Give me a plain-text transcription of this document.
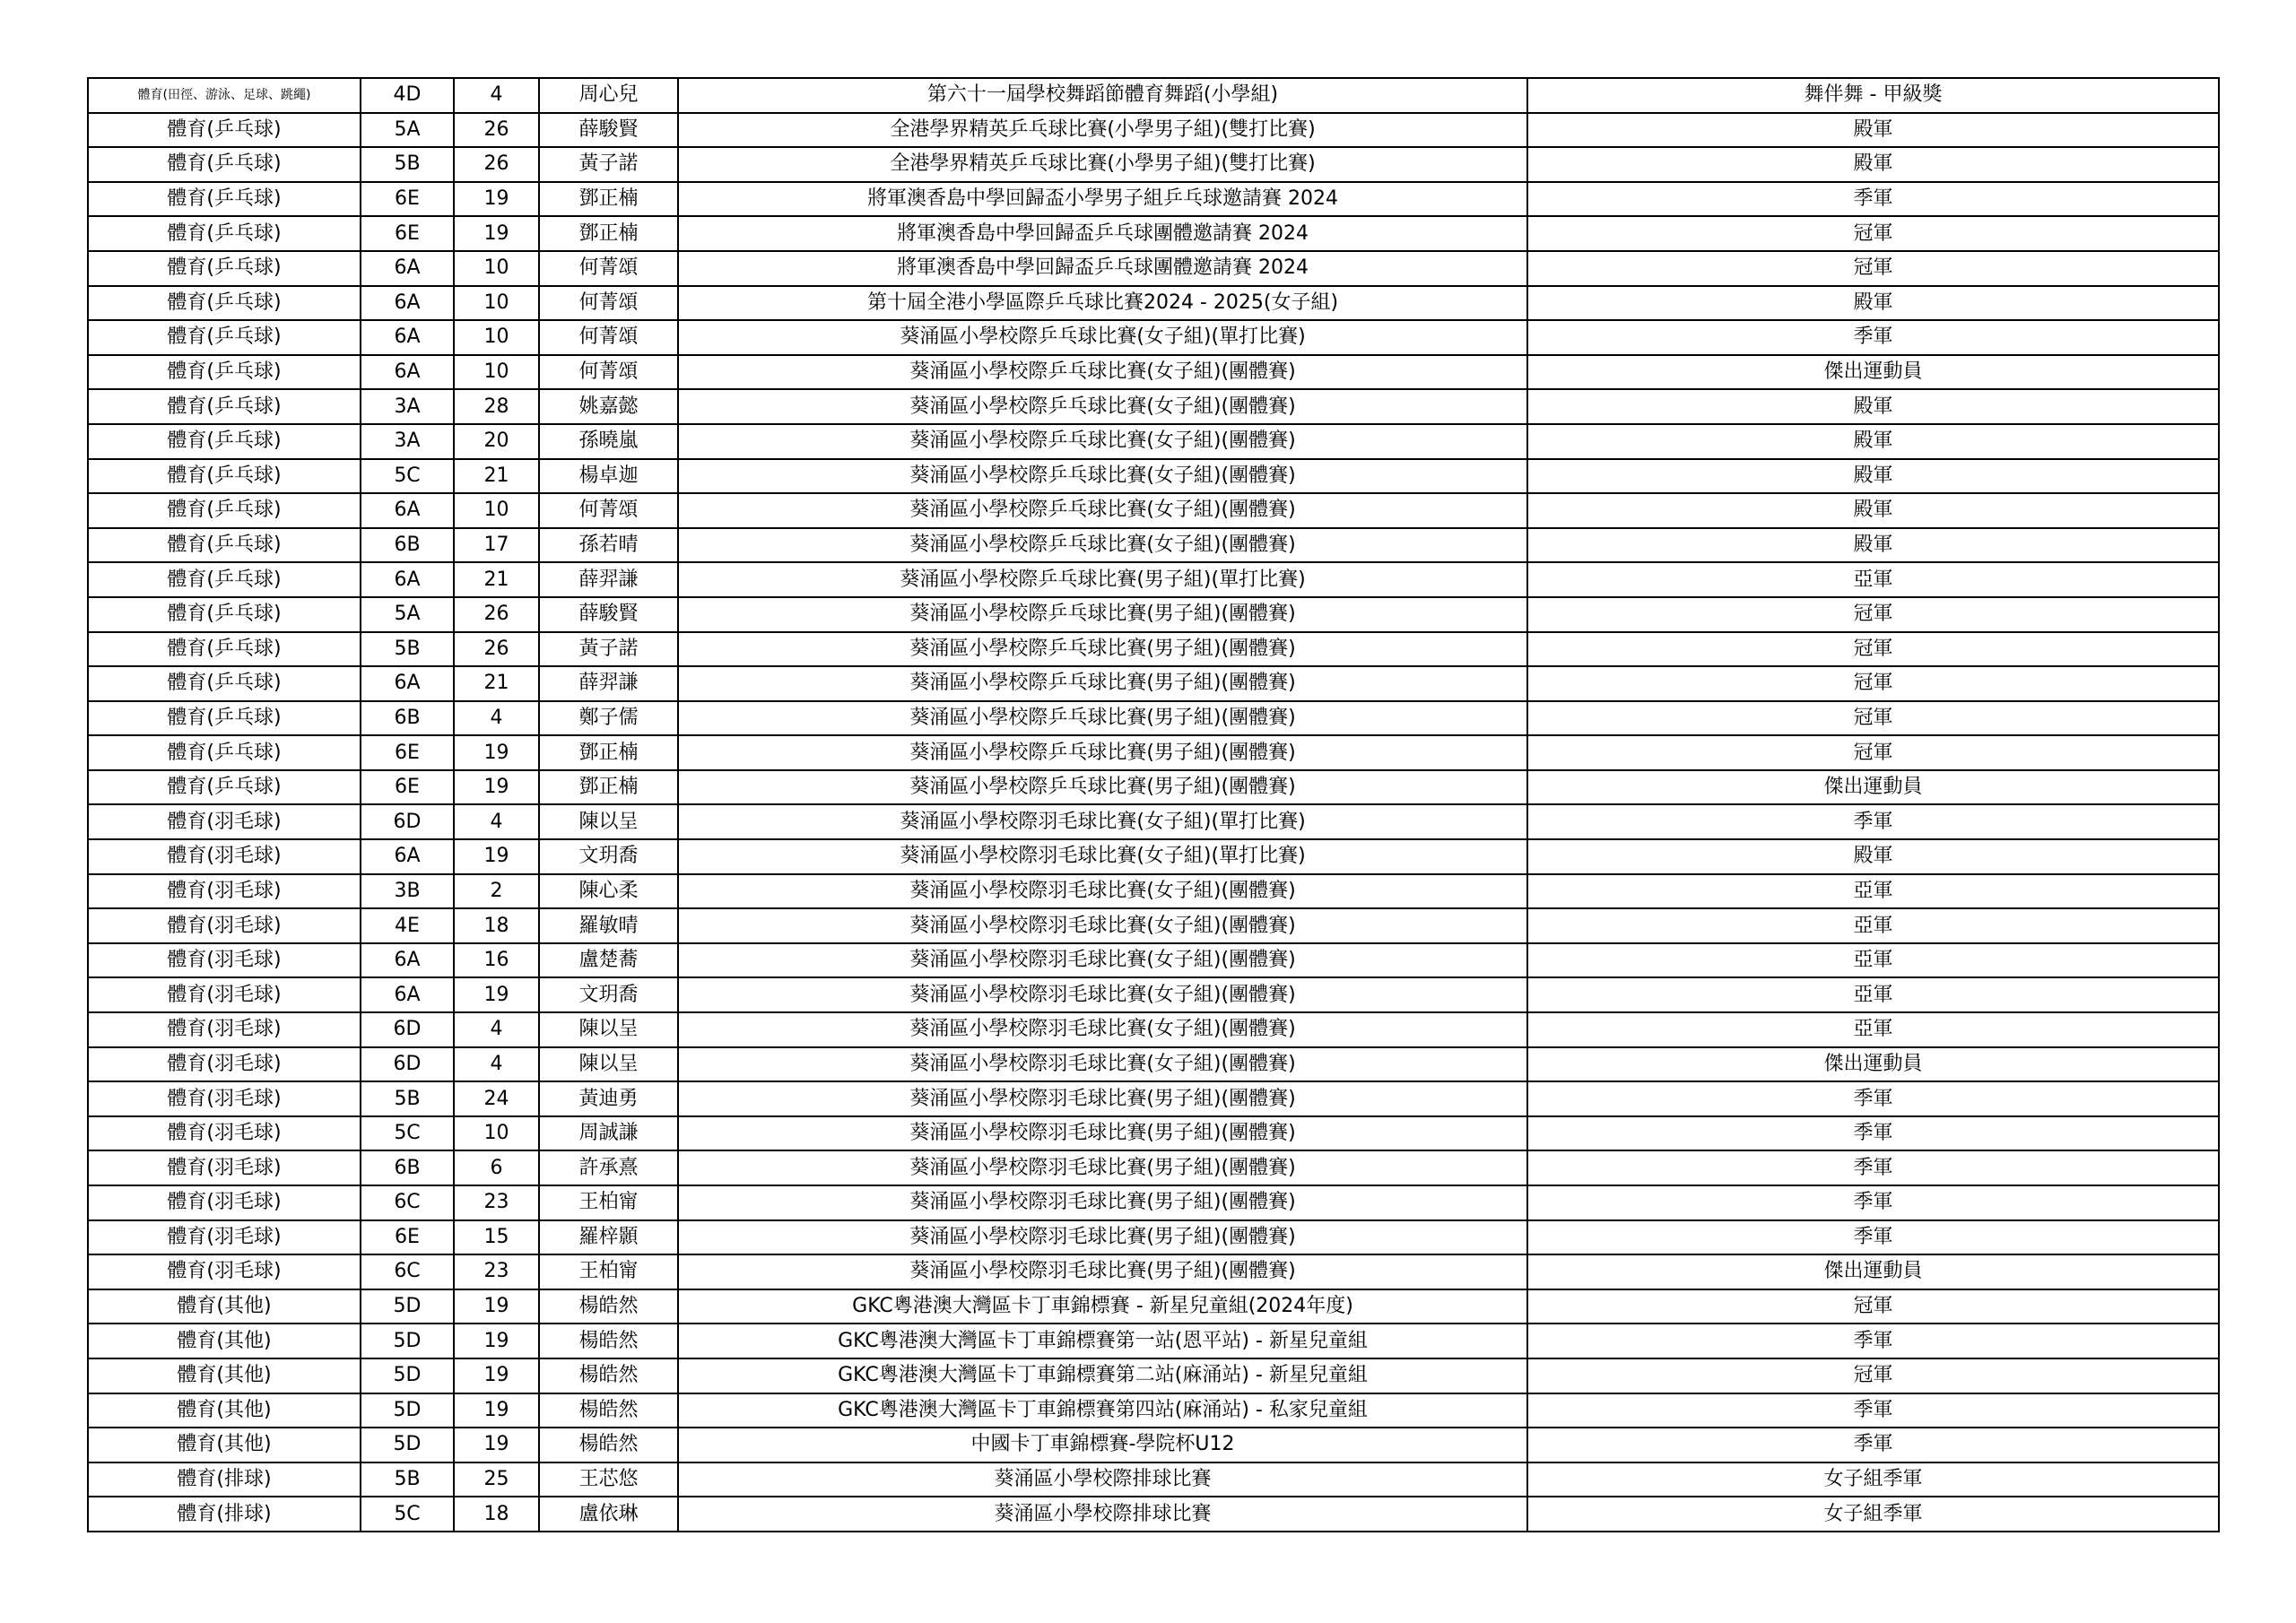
體育(田徑、游泳、足球、跳繩)	4D	4	周心兒	第六十一屆學校舞蹈節體育舞蹈(小學組)	舞伴舞 - 甲級獎
體育(乒乓球)	5A	26	薛駿賢	全港學界精英乒乓球比賽(小學男子組)(雙打比賽)	殿軍
體育(乒乓球)	5B	26	黃子諾	全港學界精英乒乓球比賽(小學男子組)(雙打比賽)	殿軍
體育(乒乓球)	6E	19	鄧正楠	將軍澳香島中學回歸盃小學男子組乒乓球邀請賽 2024	季軍
體育(乒乓球)	6E	19	鄧正楠	將軍澳香島中學回歸盃乒乓球團體邀請賽 2024	冠軍
體育(乒乓球)	6A	10	何菁頌	將軍澳香島中學回歸盃乒乓球團體邀請賽 2024	冠軍
體育(乒乓球)	6A	10	何菁頌	第十屆全港小學區際乒乓球比賽2024 - 2025(女子組)	殿軍
體育(乒乓球)	6A	10	何菁頌	葵涌區小學校際乒乓球比賽(女子組)(單打比賽)	季軍
體育(乒乓球)	6A	10	何菁頌	葵涌區小學校際乒乓球比賽(女子組)(團體賽)	傑出運動員
體育(乒乓球)	3A	28	姚嘉懿	葵涌區小學校際乒乓球比賽(女子組)(團體賽)	殿軍
體育(乒乓球)	3A	20	孫曉嵐	葵涌區小學校際乒乓球比賽(女子組)(團體賽)	殿軍
體育(乒乓球)	5C	21	楊卓迦	葵涌區小學校際乒乓球比賽(女子組)(團體賽)	殿軍
體育(乒乓球)	6A	10	何菁頌	葵涌區小學校際乒乓球比賽(女子組)(團體賽)	殿軍
體育(乒乓球)	6B	17	孫若晴	葵涌區小學校際乒乓球比賽(女子組)(團體賽)	殿軍
體育(乒乓球)	6A	21	薛羿謙	葵涌區小學校際乒乓球比賽(男子組)(單打比賽)	亞軍
體育(乒乓球)	5A	26	薛駿賢	葵涌區小學校際乒乓球比賽(男子組)(團體賽)	冠軍
體育(乒乓球)	5B	26	黃子諾	葵涌區小學校際乒乓球比賽(男子組)(團體賽)	冠軍
體育(乒乓球)	6A	21	薛羿謙	葵涌區小學校際乒乓球比賽(男子組)(團體賽)	冠軍
體育(乒乓球)	6B	4	鄭子儒	葵涌區小學校際乒乓球比賽(男子組)(團體賽)	冠軍
體育(乒乓球)	6E	19	鄧正楠	葵涌區小學校際乒乓球比賽(男子組)(團體賽)	冠軍
體育(乒乓球)	6E	19	鄧正楠	葵涌區小學校際乒乓球比賽(男子組)(團體賽)	傑出運動員
體育(羽毛球)	6D	4	陳以呈	葵涌區小學校際羽毛球比賽(女子組)(單打比賽)	季軍
體育(羽毛球)	6A	19	文玥喬	葵涌區小學校際羽毛球比賽(女子組)(單打比賽)	殿軍
體育(羽毛球)	3B	2	陳心柔	葵涌區小學校際羽毛球比賽(女子組)(團體賽)	亞軍
體育(羽毛球)	4E	18	羅敏晴	葵涌區小學校際羽毛球比賽(女子組)(團體賽)	亞軍
體育(羽毛球)	6A	16	盧楚蕎	葵涌區小學校際羽毛球比賽(女子組)(團體賽)	亞軍
體育(羽毛球)	6A	19	文玥喬	葵涌區小學校際羽毛球比賽(女子組)(團體賽)	亞軍
體育(羽毛球)	6D	4	陳以呈	葵涌區小學校際羽毛球比賽(女子組)(團體賽)	亞軍
體育(羽毛球)	6D	4	陳以呈	葵涌區小學校際羽毛球比賽(女子組)(團體賽)	傑出運動員
體育(羽毛球)	5B	24	黃迪勇	葵涌區小學校際羽毛球比賽(男子組)(團體賽)	季軍
體育(羽毛球)	5C	10	周誠謙	葵涌區小學校際羽毛球比賽(男子組)(團體賽)	季軍
體育(羽毛球)	6B	6	許承熹	葵涌區小學校際羽毛球比賽(男子組)(團體賽)	季軍
體育(羽毛球)	6C	23	王柏甯	葵涌區小學校際羽毛球比賽(男子組)(團體賽)	季軍
體育(羽毛球)	6E	15	羅梓顥	葵涌區小學校際羽毛球比賽(男子組)(團體賽)	季軍
體育(羽毛球)	6C	23	王柏甯	葵涌區小學校際羽毛球比賽(男子組)(團體賽)	傑出運動員
體育(其他)	5D	19	楊皓然	GKC粵港澳大灣區卡丁車錦標賽 - 新星兒童組(2024年度)	冠軍
體育(其他)	5D	19	楊皓然	GKC粵港澳大灣區卡丁車錦標賽第一站(恩平站) - 新星兒童組	季軍
體育(其他)	5D	19	楊皓然	GKC粵港澳大灣區卡丁車錦標賽第二站(麻涌站) - 新星兒童組	冠軍
體育(其他)	5D	19	楊皓然	GKC粵港澳大灣區卡丁車錦標賽第四站(麻涌站) - 私家兒童組	季軍
體育(其他)	5D	19	楊皓然	中國卡丁車錦標賽-學院杯U12	季軍
體育(排球)	5B	25	王芯悠	葵涌區小學校際排球比賽	女子組季軍
體育(排球)	5C	18	盧依琳	葵涌區小學校際排球比賽	女子組季軍
